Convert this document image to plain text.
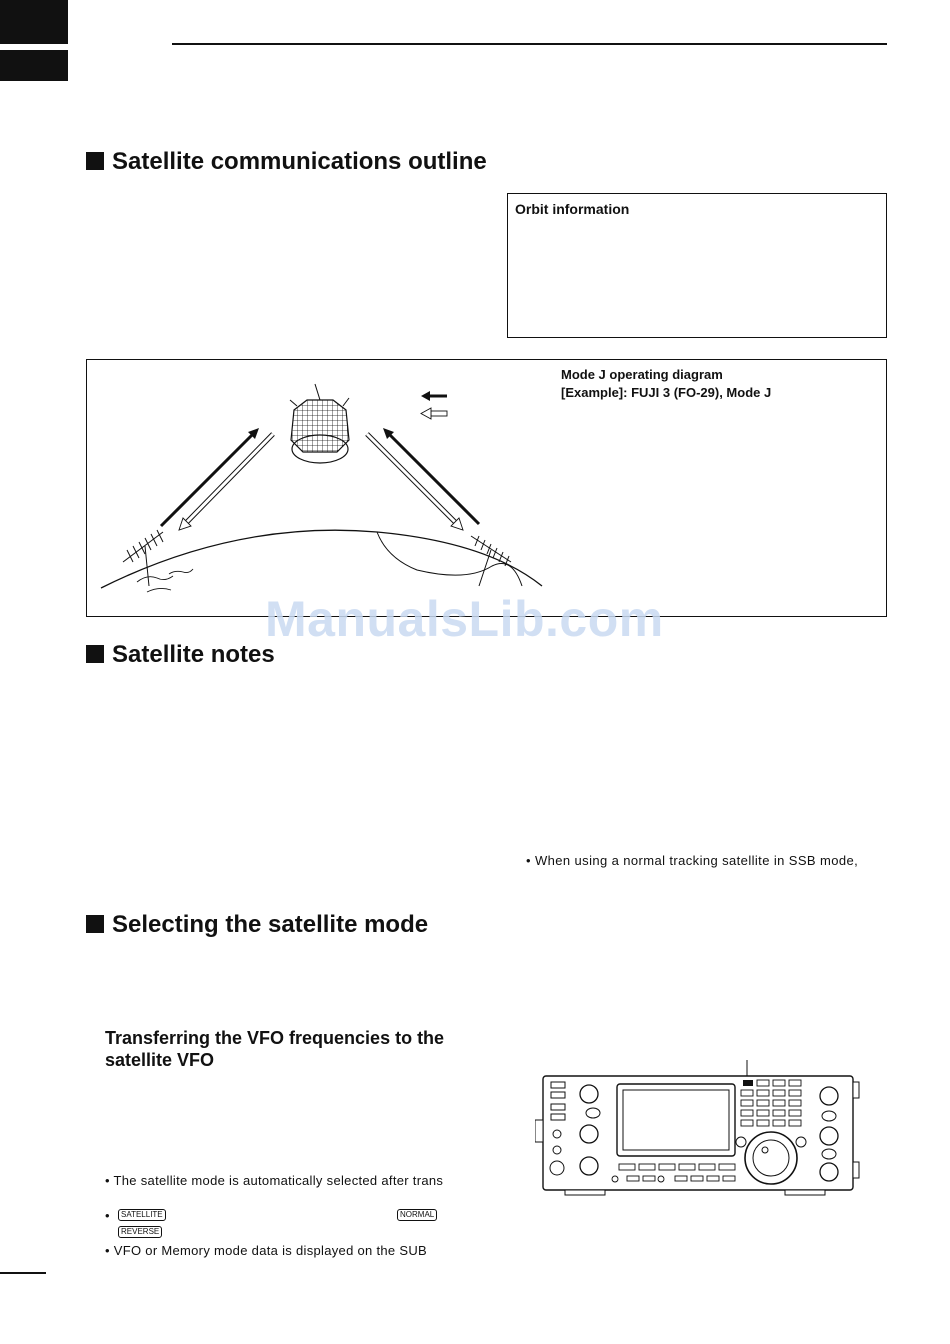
Satellite communications outline
Orbit information
Mode J operating diagram
[Example]: FUJI 3 (FO-29), Mode J
ManualsLib.com
Satellite notes
• When using a normal tracking satellite in SSB mode,
Selecting the satellite mode
Transferring the VFO frequencies to the
satellite VFO
• The satellite mode is automatically selected after trans
•	SATELLITE	NORMAL
REVERSE
• VFO or Memory mode data is displayed on the SUB
